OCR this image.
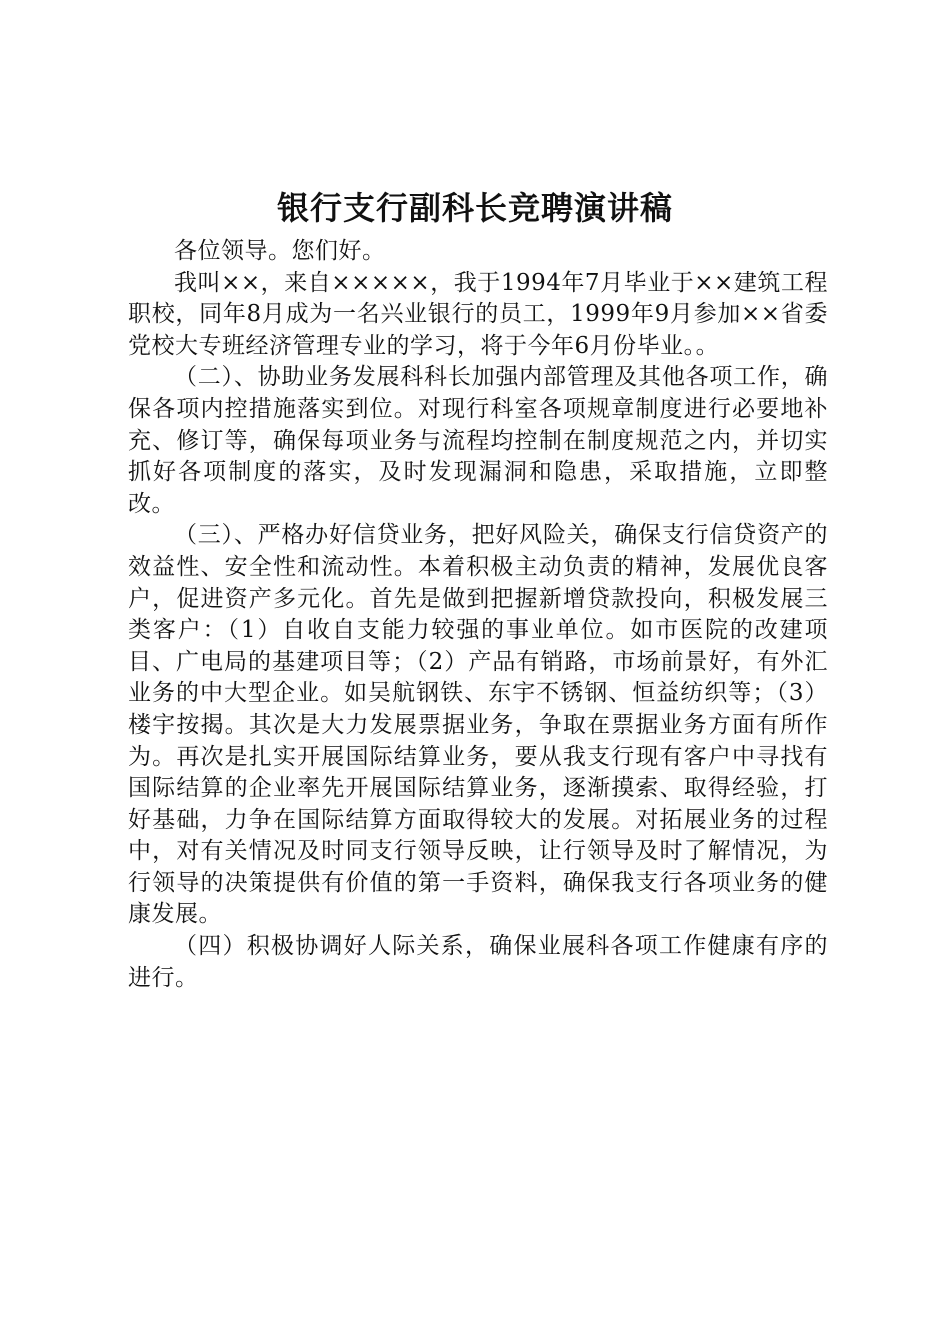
银行支行副科长竞聘演讲稿

各位领导。您们好。

我叫××，来自×××××，我于1994年7月毕业于××建筑工程职校，同年8月成为一名兴业银行的员工，1999年9月参加××省委党校大专班经济管理专业的学习，将于今年6月份毕业。。

（二）、协助业务发展科科长加强内部管理及其他各项工作，确保各项内控措施落实到位。对现行科室各项规章制度进行必要地补充、修订等，确保每项业务与流程均控制在制度规范之内，并切实抓好各项制度的落实，及时发现漏洞和隐患，采取措施，立即整改。

（三）、严格办好信贷业务，把好风险关，确保支行信贷资产的效益性、安全性和流动性。本着积极主动负责的精神，发展优良客户，促进资产多元化。首先是做到把握新增贷款投向，积极发展三类客户：（1）自收自支能力较强的事业单位。如市医院的改建项目、广电局的基建项目等；（2）产品有销路，市场前景好，有外汇业务的中大型企业。如吴航钢铁、东宇不锈钢、恒益纺织等；（3）楼宇按揭。其次是大力发展票据业务，争取在票据业务方面有所作为。再次是扎实开展国际结算业务，要从我支行现有客户中寻找有国际结算的企业率先开展国际结算业务，逐渐摸索、取得经验，打好基础，力争在国际结算方面取得较大的发展。对拓展业务的过程中，对有关情况及时同支行领导反映，让行领导及时了解情况，为行领导的决策提供有价值的第一手资料，确保我支行各项业务的健康发展。

（四）积极协调好人际关系，确保业展科各项工作健康有序的进行。
